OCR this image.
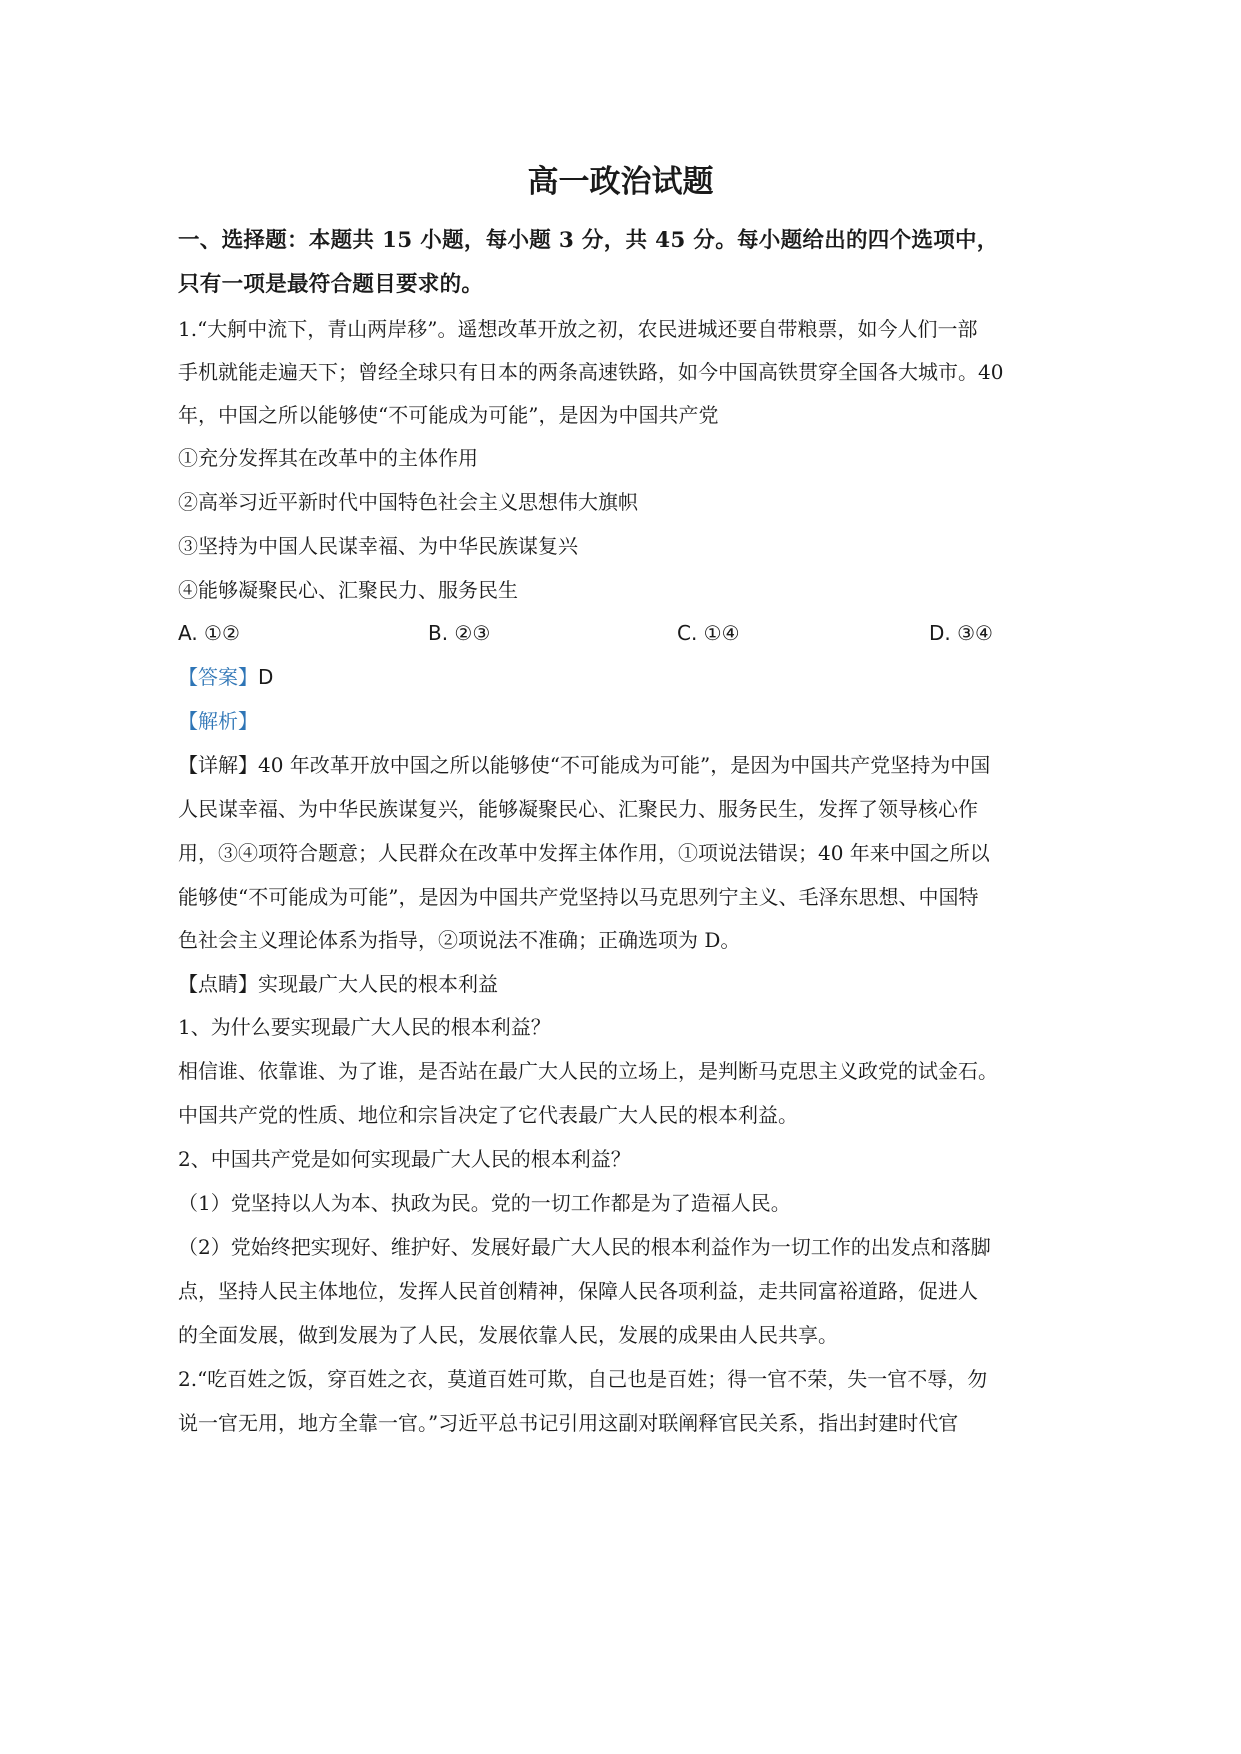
高一政治试题

一、选择题：本题共 15 小题，每小题 3 分，共 45 分。每小题给出的四个选项中，

只有一项是最符合题目要求的。

1.“大舸中流下，青山两岸移”。遥想改革开放之初，农民进城还要自带粮票，如今人们一部

手机就能走遍天下；曾经全球只有日本的两条高速铁路，如今中国高铁贯穿全国各大城市。40

年，中国之所以能够使“不可能成为可能”，是因为中国共产党

①充分发挥其在改革中的主体作用

②高举习近平新时代中国特色社会主义思想伟大旗帜

③坚持为中国人民谋幸福、为中华民族谋复兴

④能够凝聚民心、汇聚民力、服务民生

A. ①②	B. ②③	C. ①④	D. ③④

【答案】D

【解析】

【详解】40 年改革开放中国之所以能够使“不可能成为可能”，是因为中国共产党坚持为中国

人民谋幸福、为中华民族谋复兴，能够凝聚民心、汇聚民力、服务民生，发挥了领导核心作

用，③④项符合题意；人民群众在改革中发挥主体作用，①项说法错误；40 年来中国之所以

能够使“不可能成为可能”，是因为中国共产党坚持以马克思列宁主义、毛泽东思想、中国特

色社会主义理论体系为指导，②项说法不准确；正确选项为 D。

【点睛】实现最广大人民的根本利益

1、为什么要实现最广大人民的根本利益？

相信谁、依靠谁、为了谁，是否站在最广大人民的立场上，是判断马克思主义政党的试金石。

中国共产党的性质、地位和宗旨决定了它代表最广大人民的根本利益。

2、中国共产党是如何实现最广大人民的根本利益？

（1）党坚持以人为本、执政为民。党的一切工作都是为了造福人民。

（2）党始终把实现好、维护好、发展好最广大人民的根本利益作为一切工作的出发点和落脚

点，坚持人民主体地位，发挥人民首创精神，保障人民各项利益，走共同富裕道路，促进人

的全面发展，做到发展为了人民，发展依靠人民，发展的成果由人民共享。

2.“吃百姓之饭，穿百姓之衣，莫道百姓可欺，自己也是百姓；得一官不荣，失一官不辱，勿

说一官无用，地方全靠一官。”习近平总书记引用这副对联阐释官民关系，指出封建时代官
